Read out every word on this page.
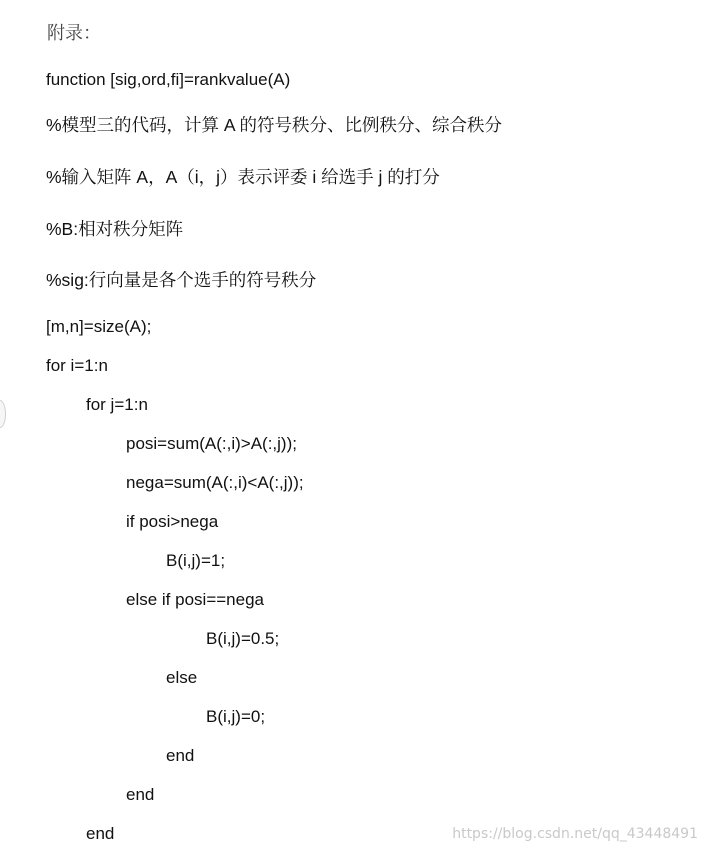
附录：
function [sig,ord,fi]=rankvalue(A)
%模型三的代码，计算 A 的符号秩分、比例秩分、综合秩分
%输入矩阵 A，A（i，j）表示评委 i 给选手 j 的打分
%B:相对秩分矩阵
%sig:行向量是各个选手的符号秩分
[m,n]=size(A);
for i=1:n
for j=1:n
posi=sum(A(:,i)>A(:,j));
nega=sum(A(:,i)<A(:,j));
if posi>nega
B(i,j)=1;
else if posi==nega
B(i,j)=0.5;
else
B(i,j)=0;
end
end
end	https://blog.csdn.net/qq_43448491
